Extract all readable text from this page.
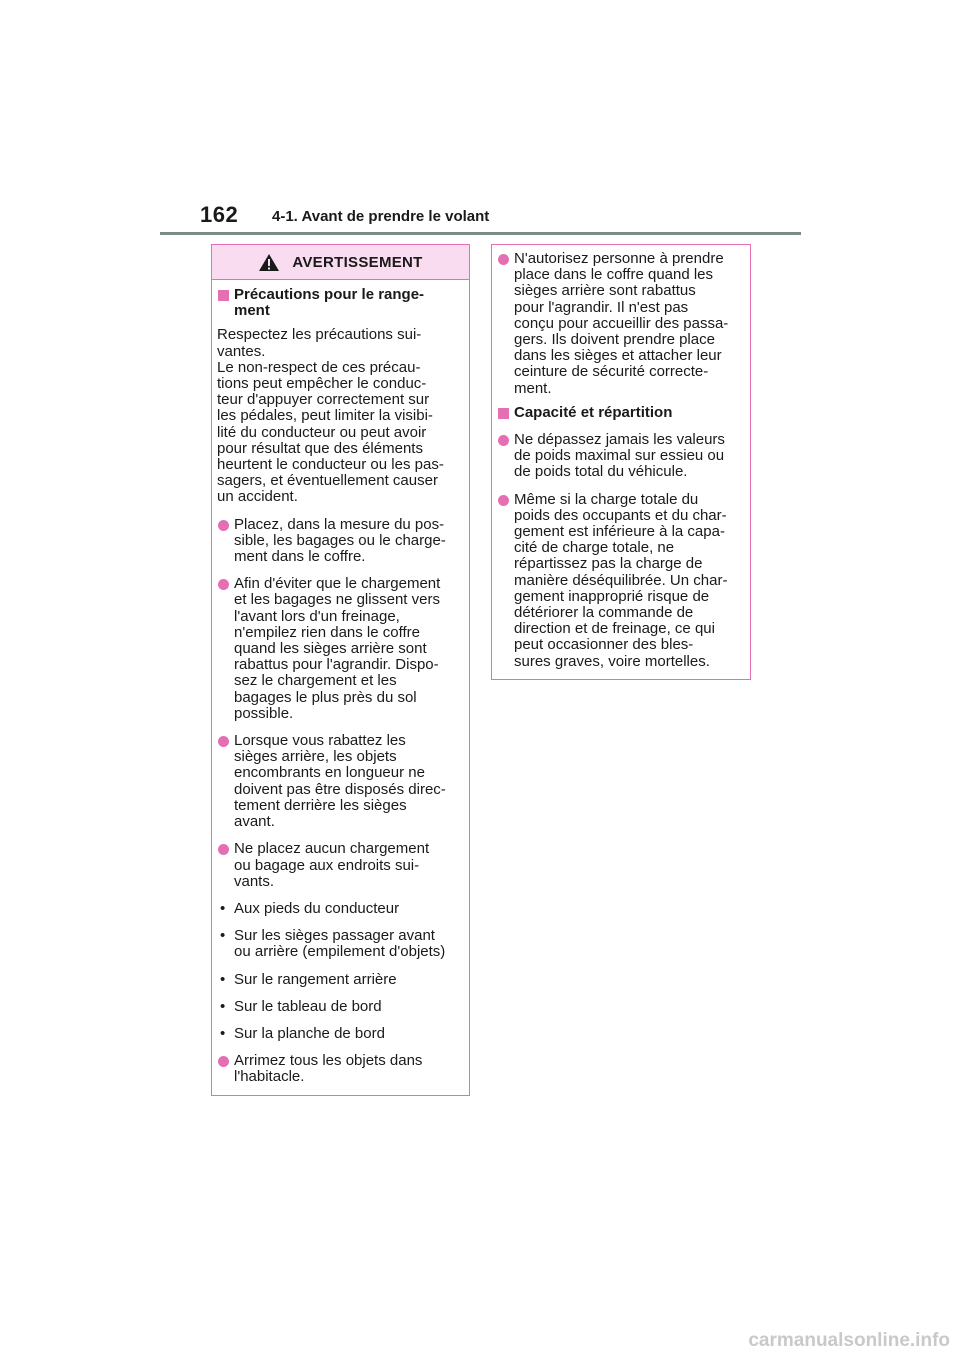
162 4-1. Avant de prendre le volant
AVERTISSEMENT
Précautions pour le range-
ment
Respectez les précautions sui-
vantes.
Le non-respect de ces précau-
tions peut empêcher le conduc-
teur d'appuyer correctement sur
les pédales, peut limiter la visibi-
lité du conducteur ou peut avoir
pour résultat que des éléments
heurtent le conducteur ou les pas-
sagers, et éventuellement causer
un accident.
Placez, dans la mesure du pos-
sible, les bagages ou le charge-
ment dans le coffre.
Afin d'éviter que le chargement
et les bagages ne glissent vers
l'avant lors d'un freinage,
n'empilez rien dans le coffre
quand les sièges arrière sont
rabattus pour l'agrandir. Dispo-
sez le chargement et les
bagages le plus près du sol
possible.
Lorsque vous rabattez les
sièges arrière, les objets
encombrants en longueur ne
doivent pas être disposés direc-
tement derrière les sièges
avant.
Ne placez aucun chargement
ou bagage aux endroits sui-
vants.
• Aux pieds du conducteur
• Sur les sièges passager avant
ou arrière (empilement d'objets)
• Sur le rangement arrière
• Sur le tableau de bord
• Sur la planche de bord
Arrimez tous les objets dans
l'habitacle.
N'autorisez personne à prendre
place dans le coffre quand les
sièges arrière sont rabattus
pour l'agrandir. Il n'est pas
conçu pour accueillir des passa-
gers. Ils doivent prendre place
dans les sièges et attacher leur
ceinture de sécurité correcte-
ment.
Capacité et répartition
Ne dépassez jamais les valeurs
de poids maximal sur essieu ou
de poids total du véhicule.
Même si la charge totale du
poids des occupants et du char-
gement est inférieure à la capa-
cité de charge totale, ne
répartissez pas la charge de
manière déséquilibrée. Un char-
gement inapproprié risque de
détériorer la commande de
direction et de freinage, ce qui
peut occasionner des bles-
sures graves, voire mortelles.
carmanualsonline.info
